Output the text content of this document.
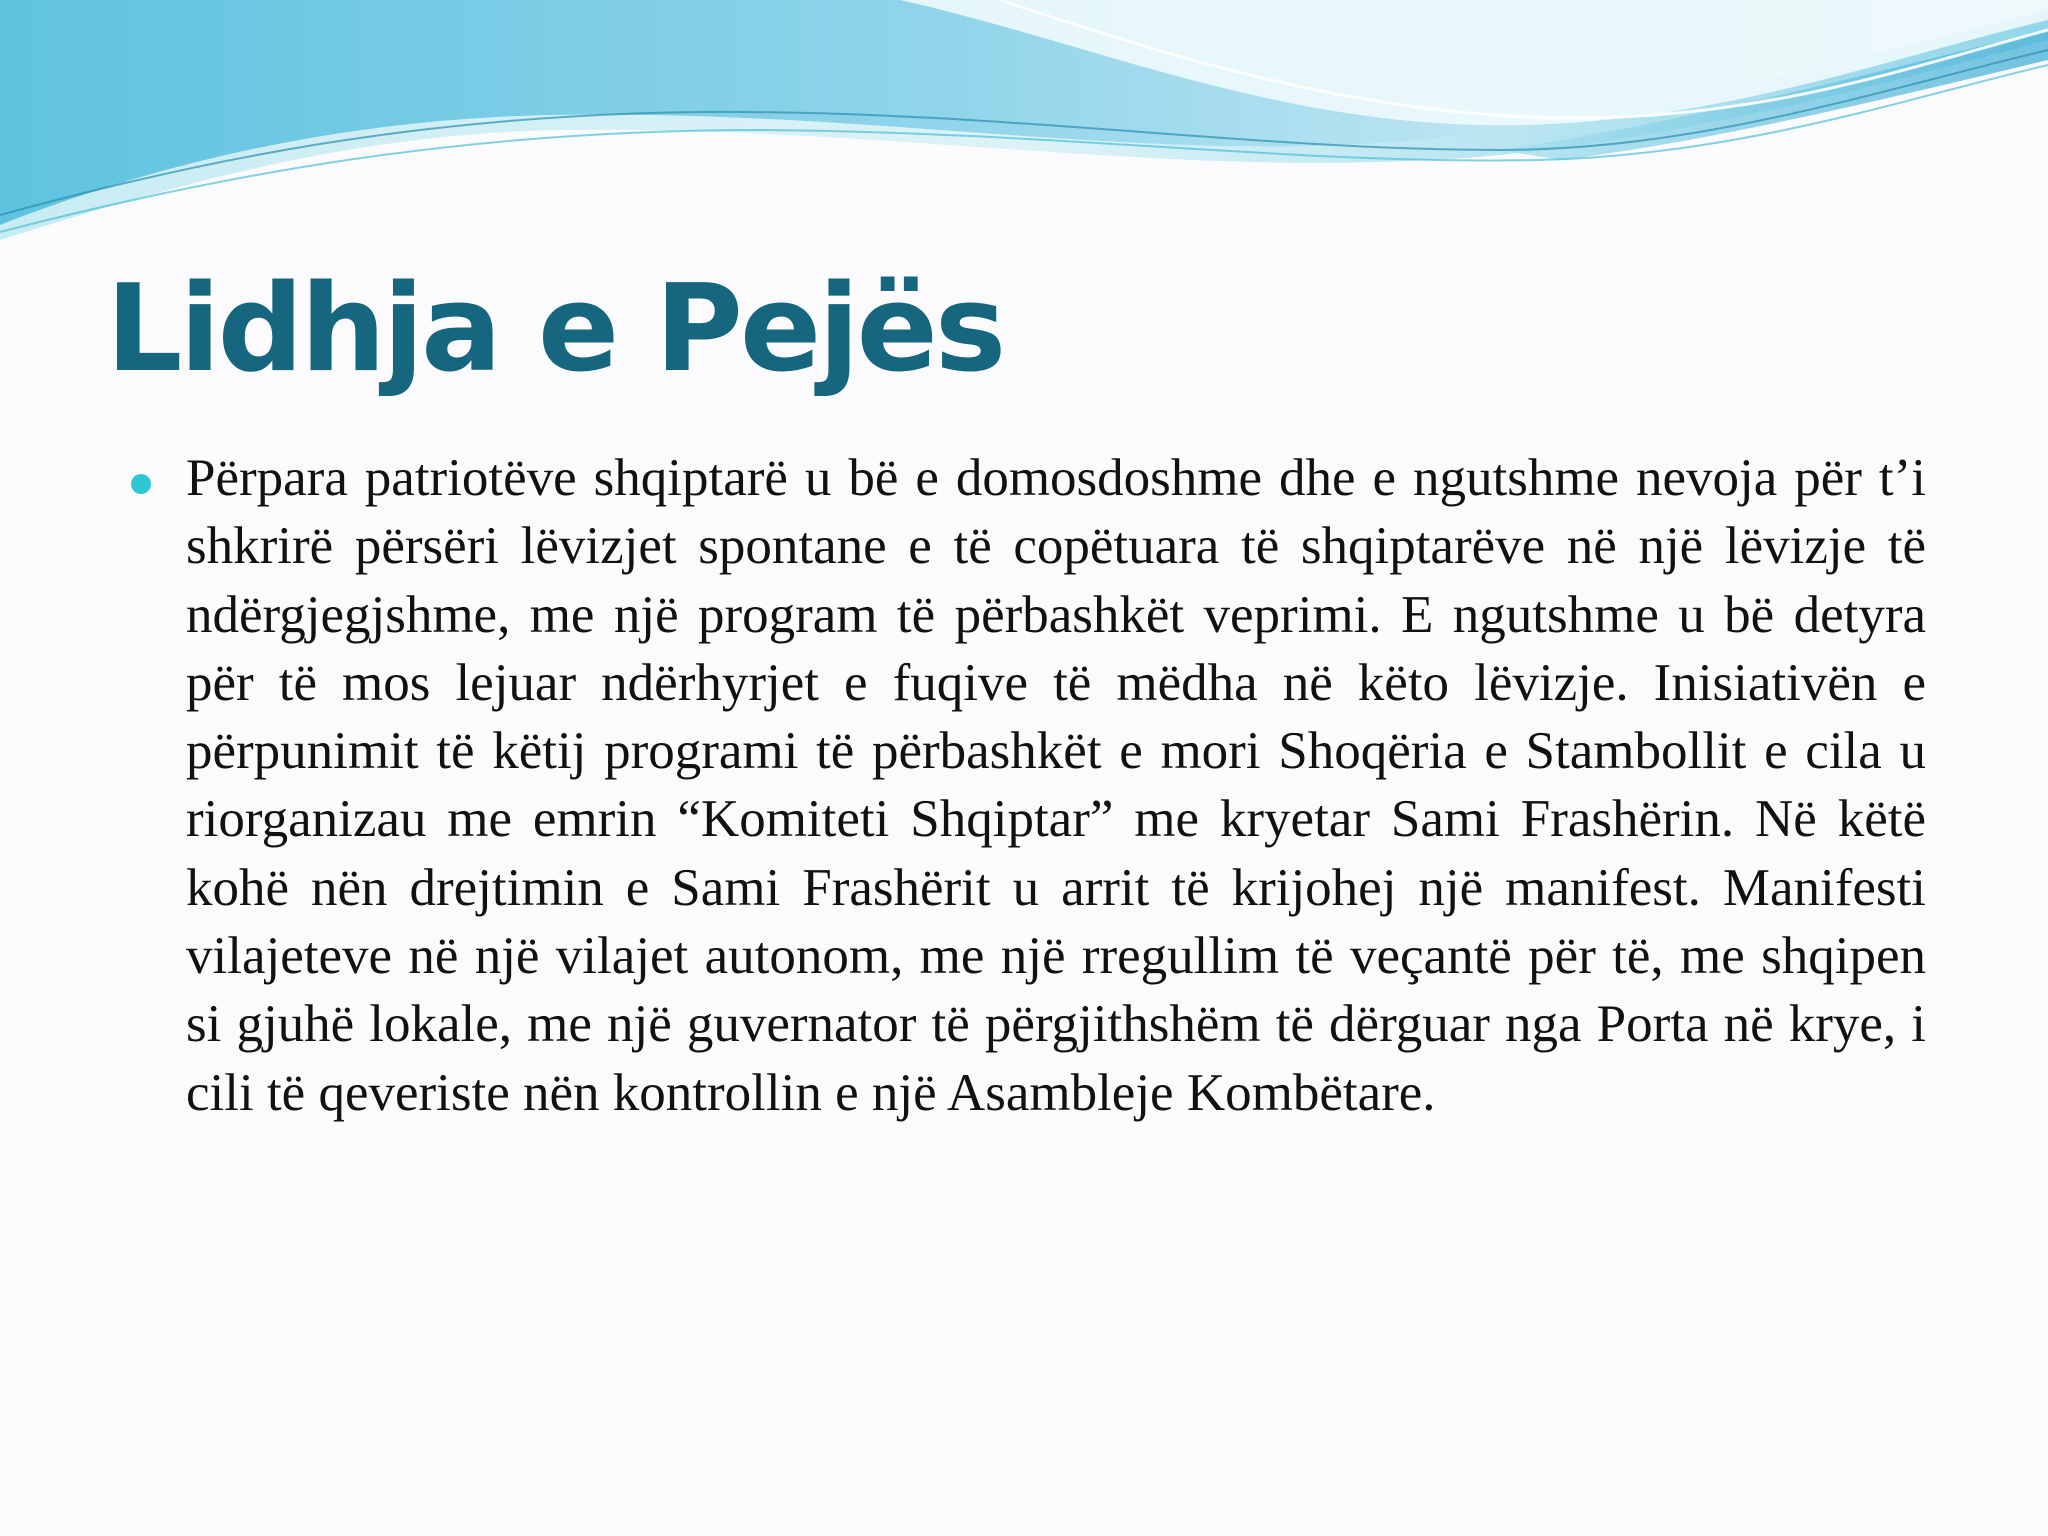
Lidhja e Pejës

Përpara patriotëve shqiptarë u bë e domosdoshme dhe e ngutshme nevoja për t’i shkrirë përsëri lëvizjet spontane e të copëtuara të shqiptarëve në një lëvizje të ndërgjegjshme, me një program të përbashkët veprimi. E ngutshme u bë detyra për të mos lejuar ndërhyrjet e fuqive të mëdha në këto lëvizje. Inisiativën e përpunimit të këtij programi të përbashkët e mori Shoqëria e Stambollit e cila u riorganizau me emrin “Komiteti Shqiptar” me kryetar Sami Frashërin. Në këtë kohë nën drejtimin e Sami Frashërit u arrit të krijohej një manifest. Manifesti vilajeteve në një vilajet autonom, me një rregullim të veçantë për të, me shqipen si gjuhë lokale, me një guvernator të përgjithshëm të dërguar nga Porta në krye, i cili të qeveriste nën kontrollin e një Asambleje Kombëtare.
